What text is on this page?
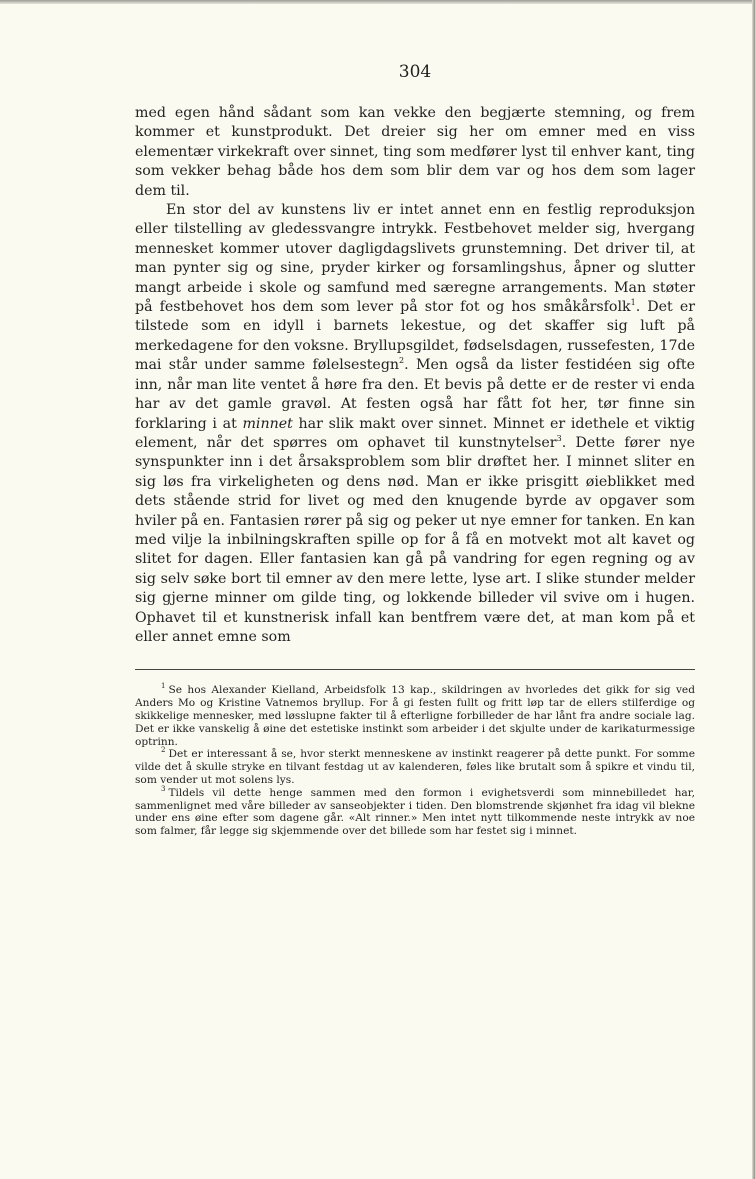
304

med egen hånd sådant som kan vekke den begjærte stemning, og frem kommer et kunstprodukt. Det dreier sig her om emner med en viss elementær virkekraft over sinnet, ting som medfører lyst til enhver kant, ting som vekker behag både hos dem som blir dem var og hos dem som lager dem til.

En stor del av kunstens liv er intet annet enn en festlig reproduksjon eller tilstelling av gledessvangre intrykk. Festbehovet melder sig, hvergang mennesket kommer utover dagligdagslivets grunstemning. Det driver til, at man pynter sig og sine, pryder kirker og forsamlingshus, åpner og slutter mangt arbeide i skole og samfund med særegne arrangements. Man støter på festbehovet hos dem som lever på stor fot og hos småkårsfolk$^1$. Det er tilstede som en idyll i barnets lekestue, og det skaffer sig luft på merkedagene for den voksne. Bryllupsgildet, fødselsdagen, russefesten, 17de mai står under samme følelsestegn$^2$. Men også da lister festidéen sig ofte inn, når man lite ventet å høre fra den. Et bevis på dette er de rester vi enda har av det gamle gravøl. At festen også har fått fot her, tør finne sin forklaring i at minnet har slik makt over sinnet. Minnet er idethele et viktig element, når det spørres om ophavet til kunstnytelser$^3$. Dette fører nye synspunkter inn i det årsaksproblem som blir drøftet her. I minnet sliter en sig løs fra virkeligheten og dens nød. Man er ikke prisgitt øieblikket med dets stående strid for livet og med den knugende byrde av opgaver som hviler på en. Fantasien rører på sig og peker ut nye emner for tanken. En kan med vilje la inbilningskraften spille op for å få en motvekt mot alt kavet og slitet for dagen. Eller fantasien kan gå på vandring for egen regning og av sig selv søke bort til emner av den mere lette, lyse art. I slike stunder melder sig gjerne minner om gilde ting, og lokkende billeder vil svive om i hugen. Ophavet til et kunstnerisk infall kan bentfrem være det, at man kom på et eller annet emne som

$^1$ Se hos Alexander Kielland, Arbeidsfolk 13 kap., skildringen av hvorledes det gikk for sig ved Anders Mo og Kristine Vatnemos bryllup. For å gi festen fullt og fritt løp tar de ellers stilferdige og skikkelige mennesker, med løsslupne fakter til å efterligne forbilleder de har lånt fra andre sociale lag. Det er ikke vanskelig å øine det estetiske instinkt som arbeider i det skjulte under de karikaturmessige optrinn.

$^2$ Det er interessant å se, hvor sterkt menneskene av instinkt reagerer på dette punkt. For somme vilde det å skulle stryke en tilvant festdag ut av kalenderen, føles like brutalt som å spikre et vindu til, som vender ut mot solens lys.

$^3$ Tildels vil dette henge sammen med den formon i evighetsverdi som minnebilledet har, sammenlignet med våre billeder av sanseobjekter i tiden. Den blomstrende skjønhet fra idag vil blekne under ens øine efter som dagene går. «Alt rinner.» Men intet nytt tilkommende neste intrykk av noe som falmer, får legge sig skjemmende over det billede som har festet sig i minnet.
